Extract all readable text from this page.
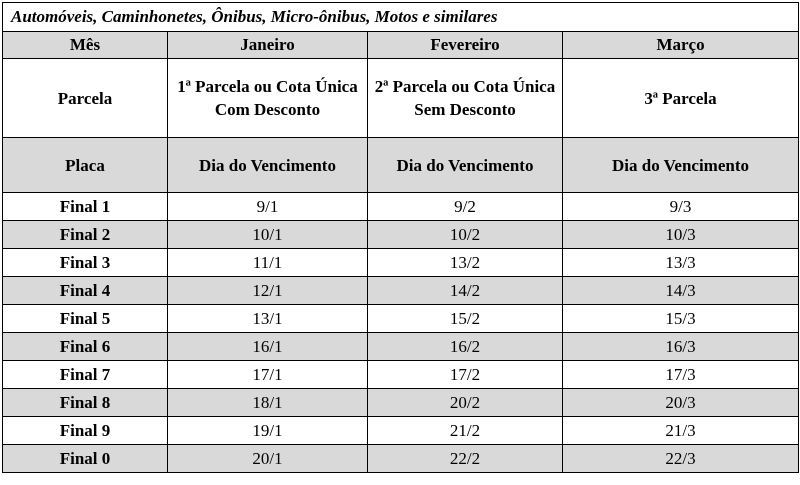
Automóveis, Caminhonetes, Ônibus, Micro-ônibus, Motos e similares			
Mês	Janeiro	Fevereiro	Março
Parcela	1ª Parcela ou Cota Única Com Desconto	2ª Parcela ou Cota Única Sem Desconto	3ª Parcela
Placa	Dia do Vencimento	Dia do Vencimento	Dia do Vencimento
Final 1	9/1	9/2	9/3
Final 2	10/1	10/2	10/3
Final 3	11/1	13/2	13/3
Final 4	12/1	14/2	14/3
Final 5	13/1	15/2	15/3
Final 6	16/1	16/2	16/3
Final 7	17/1	17/2	17/3
Final 8	18/1	20/2	20/3
Final 9	19/1	21/2	21/3
Final 0	20/1	22/2	22/3
